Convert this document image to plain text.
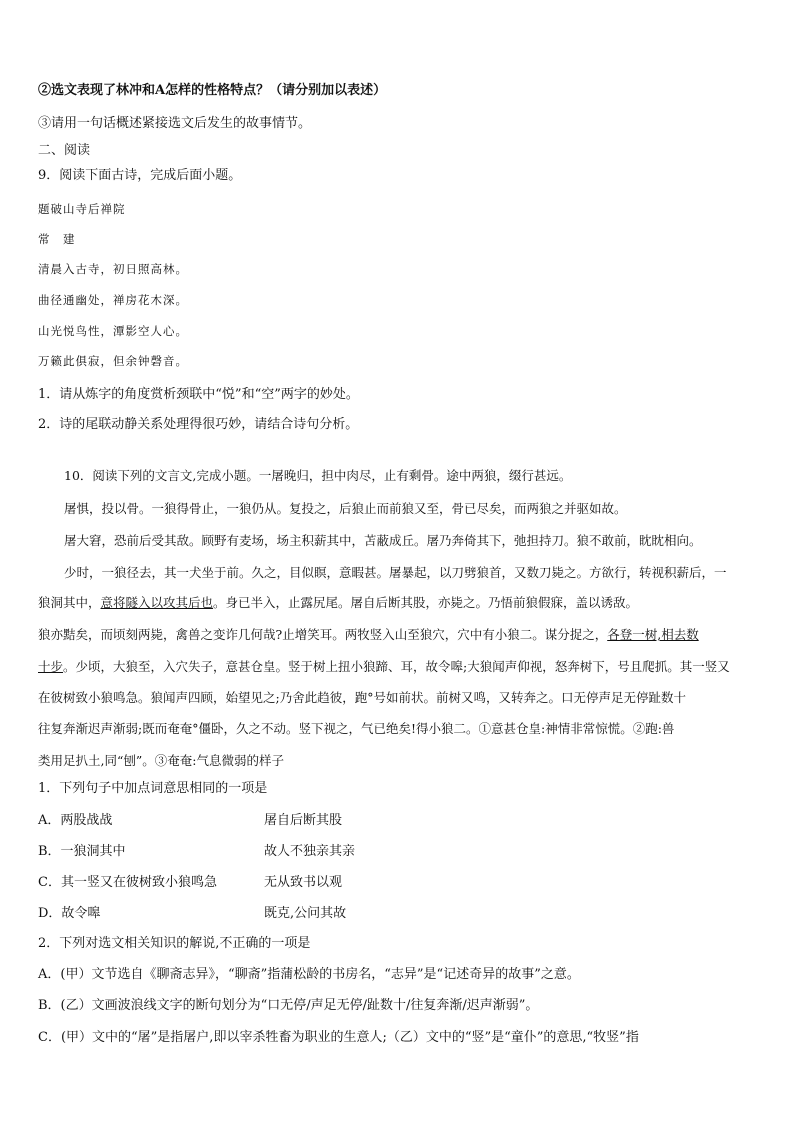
②选文表现了林冲和A怎样的性格特点？（请分别加以表述）
③请用一句话概述紧接选文后发生的故事情节。
二、阅读
9．阅读下面古诗，完成后面小题。
题破山寺后禅院
常　建
清晨入古寺，初日照高林。
曲径通幽处，禅房花木深。
山光悦鸟性，潭影空人心。
万籁此俱寂，但余钟磬音。
1．请从炼字的角度赏析颈联中“悦”和“空”两字的妙处。
2．诗的尾联动静关系处理得很巧妙，请结合诗句分析。
10．阅读下列的文言文,完成小题。一屠晚归，担中肉尽，止有剩骨。途中两狼，缀行甚远。
屠惧，投以骨。一狼得骨止，一狼仍从。复投之，后狼止而前狼又至，骨已尽矣，而两狼之并驱如故。
屠大窘，恐前后受其敌。顾野有麦场，场主积薪其中，苫蔽成丘。屠乃奔倚其下，弛担持刀。狼不敢前，眈眈相向。
少时，一狼径去，其一犬坐于前。久之，目似瞑，意暇甚。屠暴起，以刀劈狼首，又数刀毙之。方欲行，转视积薪后，一
狼洞其中，意将隧入以攻其后也。身已半入，止露尻尾。屠自后断其股，亦毙之。乃悟前狼假寐，盖以诱敌。
狼亦黠矣，而顷刻两毙，禽兽之变诈几何哉?止增笑耳。两牧竖入山至狼穴，穴中有小狼二。谋分捉之，各登一树,相去数
十步。少顷，大狼至，入穴失子，意甚仓皇。竖于树上扭小狼蹄、耳，故令嗥;大狼闻声仰视，怒奔树下，号且爬抓。其一竖又
在彼树致小狼鸣急。狼闻声四顾，始望见之;乃舍此趋彼，跑°号如前状。前树又鸣，又转奔之。口无停声足无停趾数十
往复奔渐迟声渐弱;既而奄奄°僵卧，久之不动。竖下视之，气已绝矣!得小狼二。①意甚仓皇:神情非常惊慌。②跑:兽
类用足扒土,同“刨”。③奄奄:气息微弱的样子
1．下列句子中加点词意思相同的一项是
A．两股战战	屠自后断其股
B．一狼洞其中	故人不独亲其亲
C．其一竖又在彼树致小狼鸣急	无从致书以观
D．故令嗥	既克,公问其故
2．下列对选文相关知识的解说,不正确的一项是
A．(甲）文节选自《聊斋志异》，“聊斋”指蒲松龄的书房名，“志异”是“记述奇异的故事”之意。
B．(乙）文画波浪线文字的断句划分为“口无停/声足无停/趾数十/往复奔渐/迟声渐弱”。
C．(甲）文中的“屠”是指屠户,即以宰杀牲畜为职业的生意人;（乙）文中的“竖”是“童仆”的意思,“牧竖”指
